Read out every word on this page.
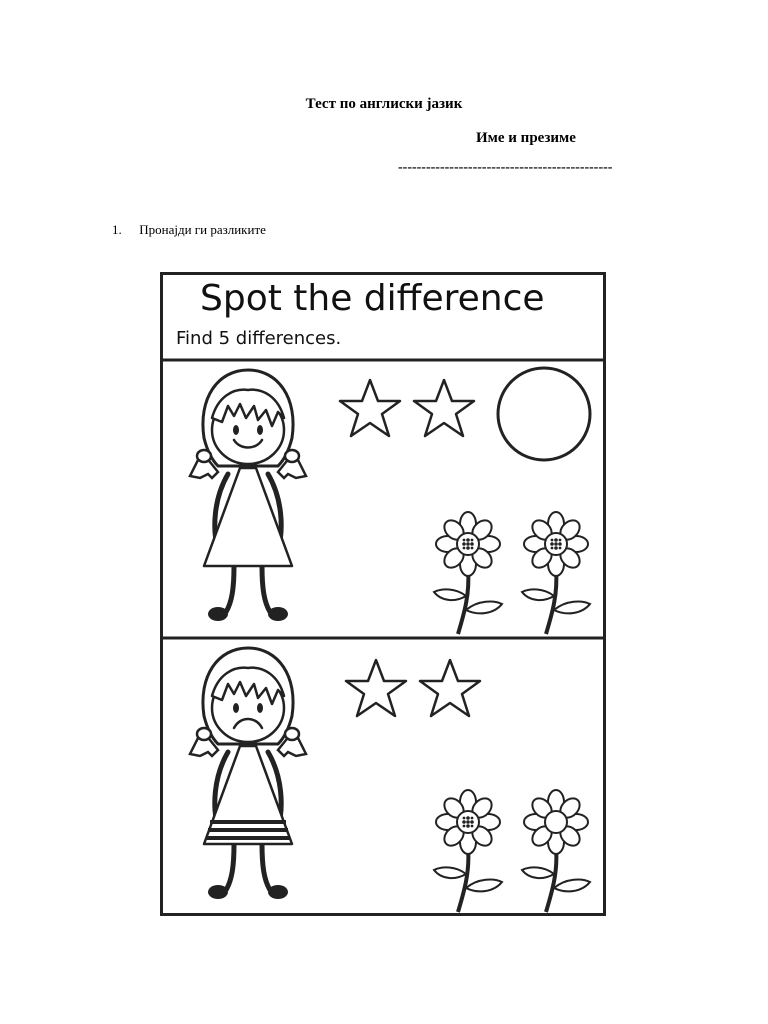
Тест по англиски јазик
Име и презиме
----------------------------------------------
1. Пронајди ги разликите
Spot the difference
Find 5 differences.
